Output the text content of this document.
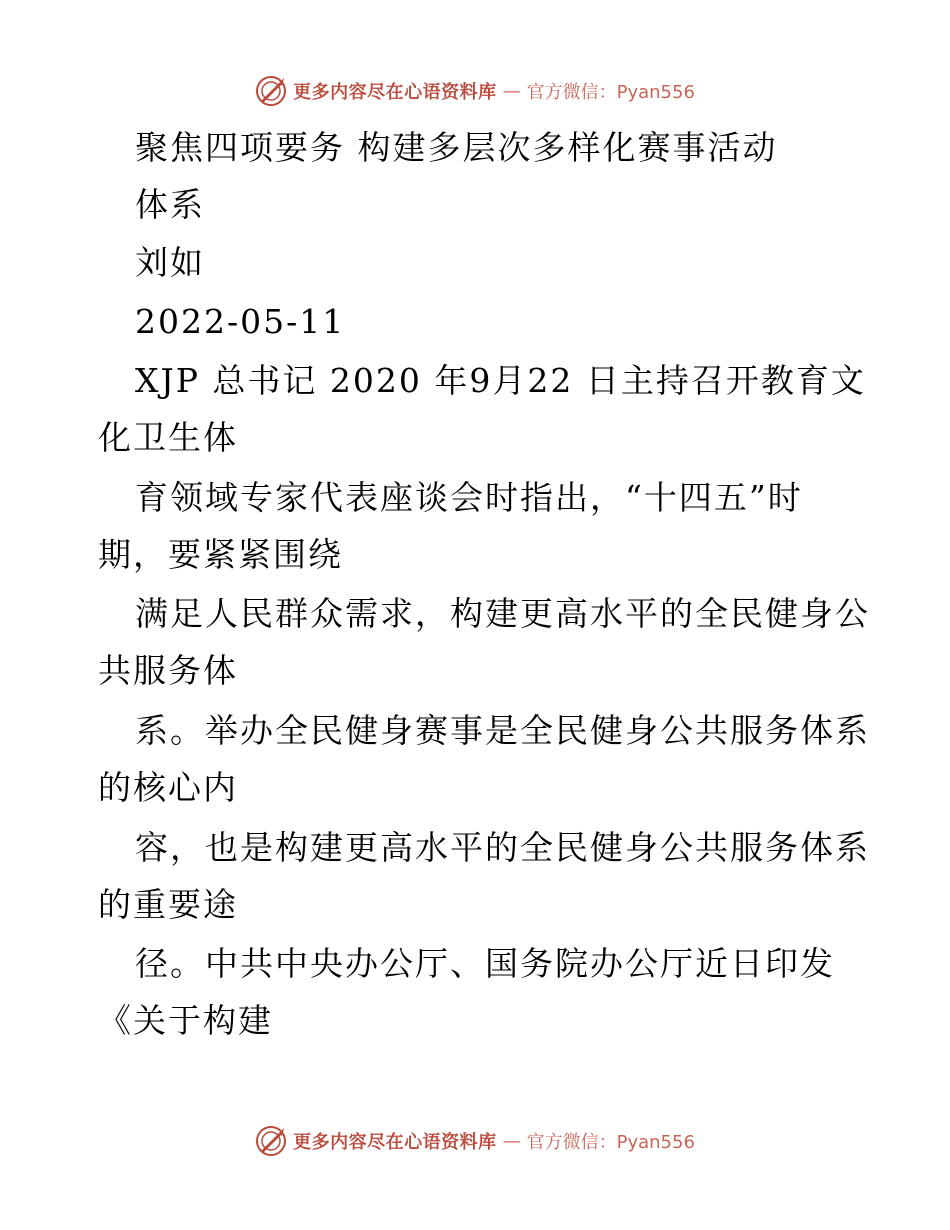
更多内容尽在心语资料库 — 官方微信：Pyan556
聚焦四项要务 构建多层次多样化赛事活动
体系
刘如
2022-05-11
XJP 总书记 2020 年9月22 日主持召开教育文
化卫生体
育领域专家代表座谈会时指出，“十四五”时
期，要紧紧围绕
满足人民群众需求，构建更高水平的全民健身公
共服务体
系。举办全民健身赛事是全民健身公共服务体系
的核心内
容，也是构建更高水平的全民健身公共服务体系
的重要途
径。中共中央办公厅、国务院办公厅近日印发
《关于构建
更多内容尽在心语资料库 — 官方微信：Pyan556
